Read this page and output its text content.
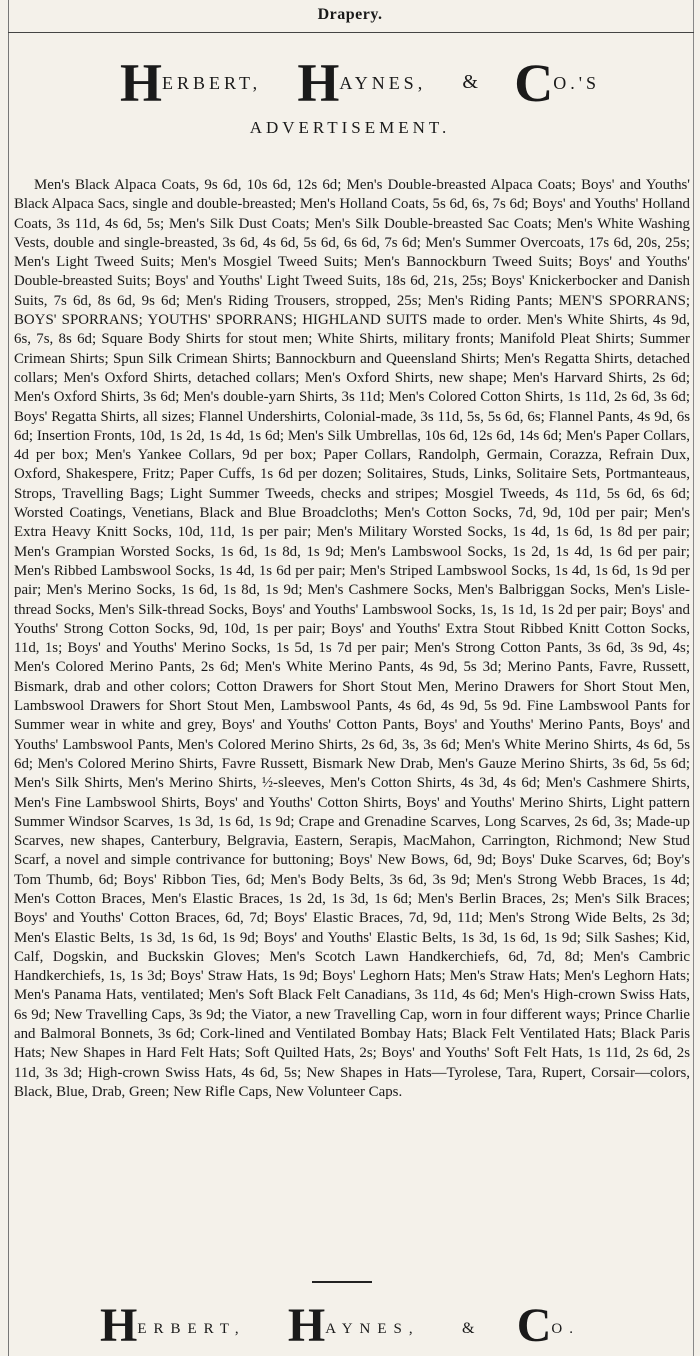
Drapery.
H ERBERT, H AYNES, & C O.'S
ADVERTISEMENT.
Men's Black Alpaca Coats, 9s 6d, 10s 6d, 12s 6d; Men's Double-breasted Alpaca Coats; Boys' and Youths' Black Alpaca Sacs, single and double-breasted; Men's Holland Coats, 5s 6d, 6s, 7s 6d; Boys' and Youths' Holland Coats, 3s 11d, 4s 6d, 5s; Men's Silk Dust Coats; Men's Silk Double-breasted Sac Coats; Men's White Washing Vests, double and single-breasted, 3s 6d, 4s 6d, 5s 6d, 6s 6d, 7s 6d; Men's Summer Overcoats, 17s 6d, 20s, 25s; Men's Light Tweed Suits; Men's Mosgiel Tweed Suits; Men's Bannockburn Tweed Suits; Boys' and Youths' Double-breasted Suits; Boys' and Youths' Light Tweed Suits, 18s 6d, 21s, 25s; Boys' Knickerbocker and Danish Suits, 7s 6d, 8s 6d, 9s 6d; Men's Riding Trousers, stropped, 25s; Men's Riding Pants; MEN'S SPORRANS; BOYS' SPORRANS; YOUTHS' SPORRANS; HIGHLAND SUITS made to order. Men's White Shirts, 4s 9d, 6s, 7s, 8s 6d; Square Body Shirts for stout men; White Shirts, military fronts; Manifold Pleat Shirts; Summer Crimean Shirts; Spun Silk Crimean Shirts; Bannockburn and Queensland Shirts; Men's Regatta Shirts, detached collars; Men's Oxford Shirts, detached collars; Men's Oxford Shirts, new shape; Men's Harvard Shirts, 2s 6d; Men's Oxford Shirts, 3s 6d; Men's double-yarn Shirts, 3s 11d; Men's Colored Cotton Shirts, 1s 11d, 2s 6d, 3s 6d; Boys' Regatta Shirts, all sizes; Flannel Undershirts, Colonial-made, 3s 11d, 5s, 5s 6d, 6s; Flannel Pants, 4s 9d, 6s 6d; Insertion Fronts, 10d, 1s 2d, 1s 4d, 1s 6d; Men's Silk Umbrellas, 10s 6d, 12s 6d, 14s 6d; Men's Paper Collars, 4d per box; Men's Yankee Collars, 9d per box; Paper Collars, Randolph, Germain, Corazza, Refrain Dux, Oxford, Shakespere, Fritz; Paper Cuffs, 1s 6d per dozen; Solitaires, Studs, Links, Solitaire Sets, Portmanteaus, Strops, Travelling Bags; Light Summer Tweeds, checks and stripes; Mosgiel Tweeds, 4s 11d, 5s 6d, 6s 6d; Worsted Coatings, Venetians, Black and Blue Broadcloths; Men's Cotton Socks, 7d, 9d, 10d per pair; Men's Extra Heavy Knitt Socks, 10d, 11d, 1s per pair; Men's Military Worsted Socks, 1s 4d, 1s 6d, 1s 8d per pair; Men's Grampian Worsted Socks, 1s 6d, 1s 8d, 1s 9d; Men's Lambswool Socks, 1s 2d, 1s 4d, 1s 6d per pair; Men's Ribbed Lambswool Socks, 1s 4d, 1s 6d per pair; Men's Striped Lambswool Socks, 1s 4d, 1s 6d, 1s 9d per pair; Men's Merino Socks, 1s 6d, 1s 8d, 1s 9d; Men's Cashmere Socks, Men's Balbriggan Socks, Men's Lisle-thread Socks, Men's Silk-thread Socks, Boys' and Youths' Lambswool Socks, 1s, 1s 1d, 1s 2d per pair; Boys' and Youths' Strong Cotton Socks, 9d, 10d, 1s per pair; Boys' and Youths' Extra Stout Ribbed Knitt Cotton Socks, 11d, 1s; Boys' and Youths' Merino Socks, 1s 5d, 1s 7d per pair; Men's Strong Cotton Pants, 3s 6d, 3s 9d, 4s; Men's Colored Merino Pants, 2s 6d; Men's White Merino Pants, 4s 9d, 5s 3d; Merino Pants, Favre, Russett, Bismark, drab and other colors; Cotton Drawers for Short Stout Men, Merino Drawers for Short Stout Men, Lambswool Drawers for Short Stout Men, Lambswool Pants, 4s 6d, 4s 9d, 5s 9d. Fine Lambswool Pants for Summer wear in white and grey, Boys' and Youths' Cotton Pants, Boys' and Youths' Merino Pants, Boys' and Youths' Lambswool Pants, Men's Colored Merino Shirts, 2s 6d, 3s, 3s 6d; Men's White Merino Shirts, 4s 6d, 5s 6d; Men's Colored Merino Shirts, Favre Russett, Bismark New Drab, Men's Gauze Merino Shirts, 3s 6d, 5s 6d; Men's Silk Shirts, Men's Merino Shirts, ½-sleeves, Men's Cotton Shirts, 4s 3d, 4s 6d; Men's Cashmere Shirts, Men's Fine Lambswool Shirts, Boys' and Youths' Cotton Shirts, Boys' and Youths' Merino Shirts, Light pattern Summer Windsor Scarves, 1s 3d, 1s 6d, 1s 9d; Crape and Grenadine Scarves, Long Scarves, 2s 6d, 3s; Made-up Scarves, new shapes, Canterbury, Belgravia, Eastern, Serapis, MacMahon, Carrington, Richmond; New Stud Scarf, a novel and simple contrivance for buttoning; Boys' New Bows, 6d, 9d; Boys' Duke Scarves, 6d; Boy's Tom Thumb, 6d; Boys' Ribbon Ties, 6d; Men's Body Belts, 3s 6d, 3s 9d; Men's Strong Webb Braces, 1s 4d; Men's Cotton Braces, Men's Elastic Braces, 1s 2d, 1s 3d, 1s 6d; Men's Berlin Braces, 2s; Men's Silk Braces; Boys' and Youths' Cotton Braces, 6d, 7d; Boys' Elastic Braces, 7d, 9d, 11d; Men's Strong Wide Belts, 2s 3d; Men's Elastic Belts, 1s 3d, 1s 6d, 1s 9d; Boys' and Youths' Elastic Belts, 1s 3d, 1s 6d, 1s 9d; Silk Sashes; Kid, Calf, Dogskin, and Buckskin Gloves; Men's Scotch Lawn Handkerchiefs, 6d, 7d, 8d; Men's Cambric Handkerchiefs, 1s, 1s 3d; Boys' Straw Hats, 1s 9d; Boys' Leghorn Hats; Men's Straw Hats; Men's Leghorn Hats; Men's Panama Hats, ventilated; Men's Soft Black Felt Canadians, 3s 11d, 4s 6d; Men's High-crown Swiss Hats, 6s 9d; New Travelling Caps, 3s 9d; the Viator, a new Travelling Cap, worn in four different ways; Prince Charlie and Balmoral Bonnets, 3s 6d; Cork-lined and Ventilated Bombay Hats; Black Felt Ventilated Hats; Black Paris Hats; New Shapes in Hard Felt Hats; Soft Quilted Hats, 2s; Boys' and Youths' Soft Felt Hats, 1s 11d, 2s 6d, 2s 11d, 3s 3d; High-crown Swiss Hats, 4s 6d, 5s; New Shapes in Hats—Tyrolese, Tara, Rupert, Corsair—colors, Black, Blue, Drab, Green; New Rifle Caps, New Volunteer Caps.
H ERBERT, H AYNES,	& C O.
